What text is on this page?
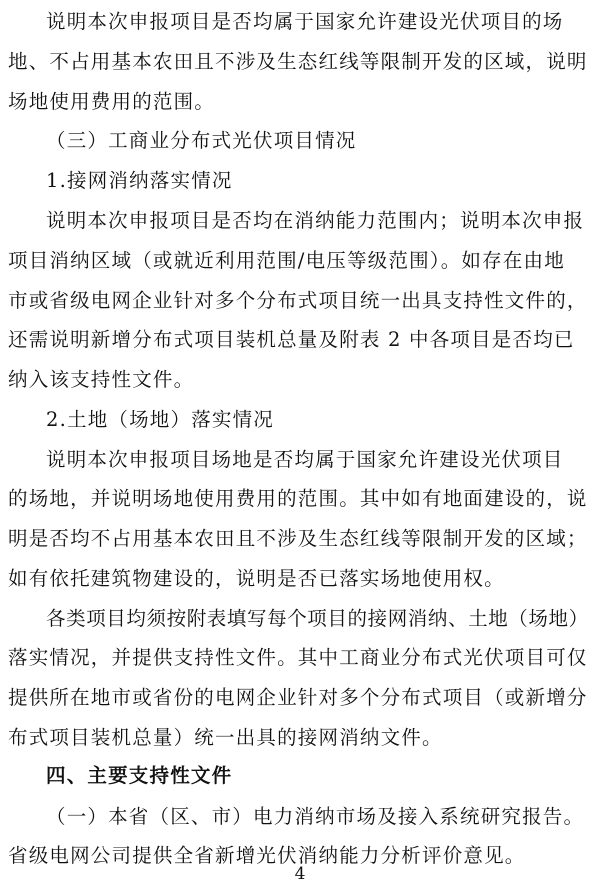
说明本次申报项目是否均属于国家允许建设光伏项目的场
地、不占用基本农田且不涉及生态红线等限制开发的区域，说明
场地使用费用的范围。
（三）工商业分布式光伏项目情况
1.接网消纳落实情况
说明本次申报项目是否均在消纳能力范围内；说明本次申报
项目消纳区域（或就近利用范围/电压等级范围）。如存在由地
市或省级电网企业针对多个分布式项目统一出具支持性文件的，
还需说明新增分布式项目装机总量及附表 2 中各项目是否均已
纳入该支持性文件。
2.土地（场地）落实情况
说明本次申报项目场地是否均属于国家允许建设光伏项目
的场地，并说明场地使用费用的范围。其中如有地面建设的，说
明是否均不占用基本农田且不涉及生态红线等限制开发的区域；
如有依托建筑物建设的，说明是否已落实场地使用权。
各类项目均须按附表填写每个项目的接网消纳、土地（场地）
落实情况，并提供支持性文件。其中工商业分布式光伏项目可仅
提供所在地市或省份的电网企业针对多个分布式项目（或新增分
布式项目装机总量）统一出具的接网消纳文件。
四、主要支持性文件
（一）本省（区、市）电力消纳市场及接入系统研究报告。
省级电网公司提供全省新增光伏消纳能力分析评价意见。
4
